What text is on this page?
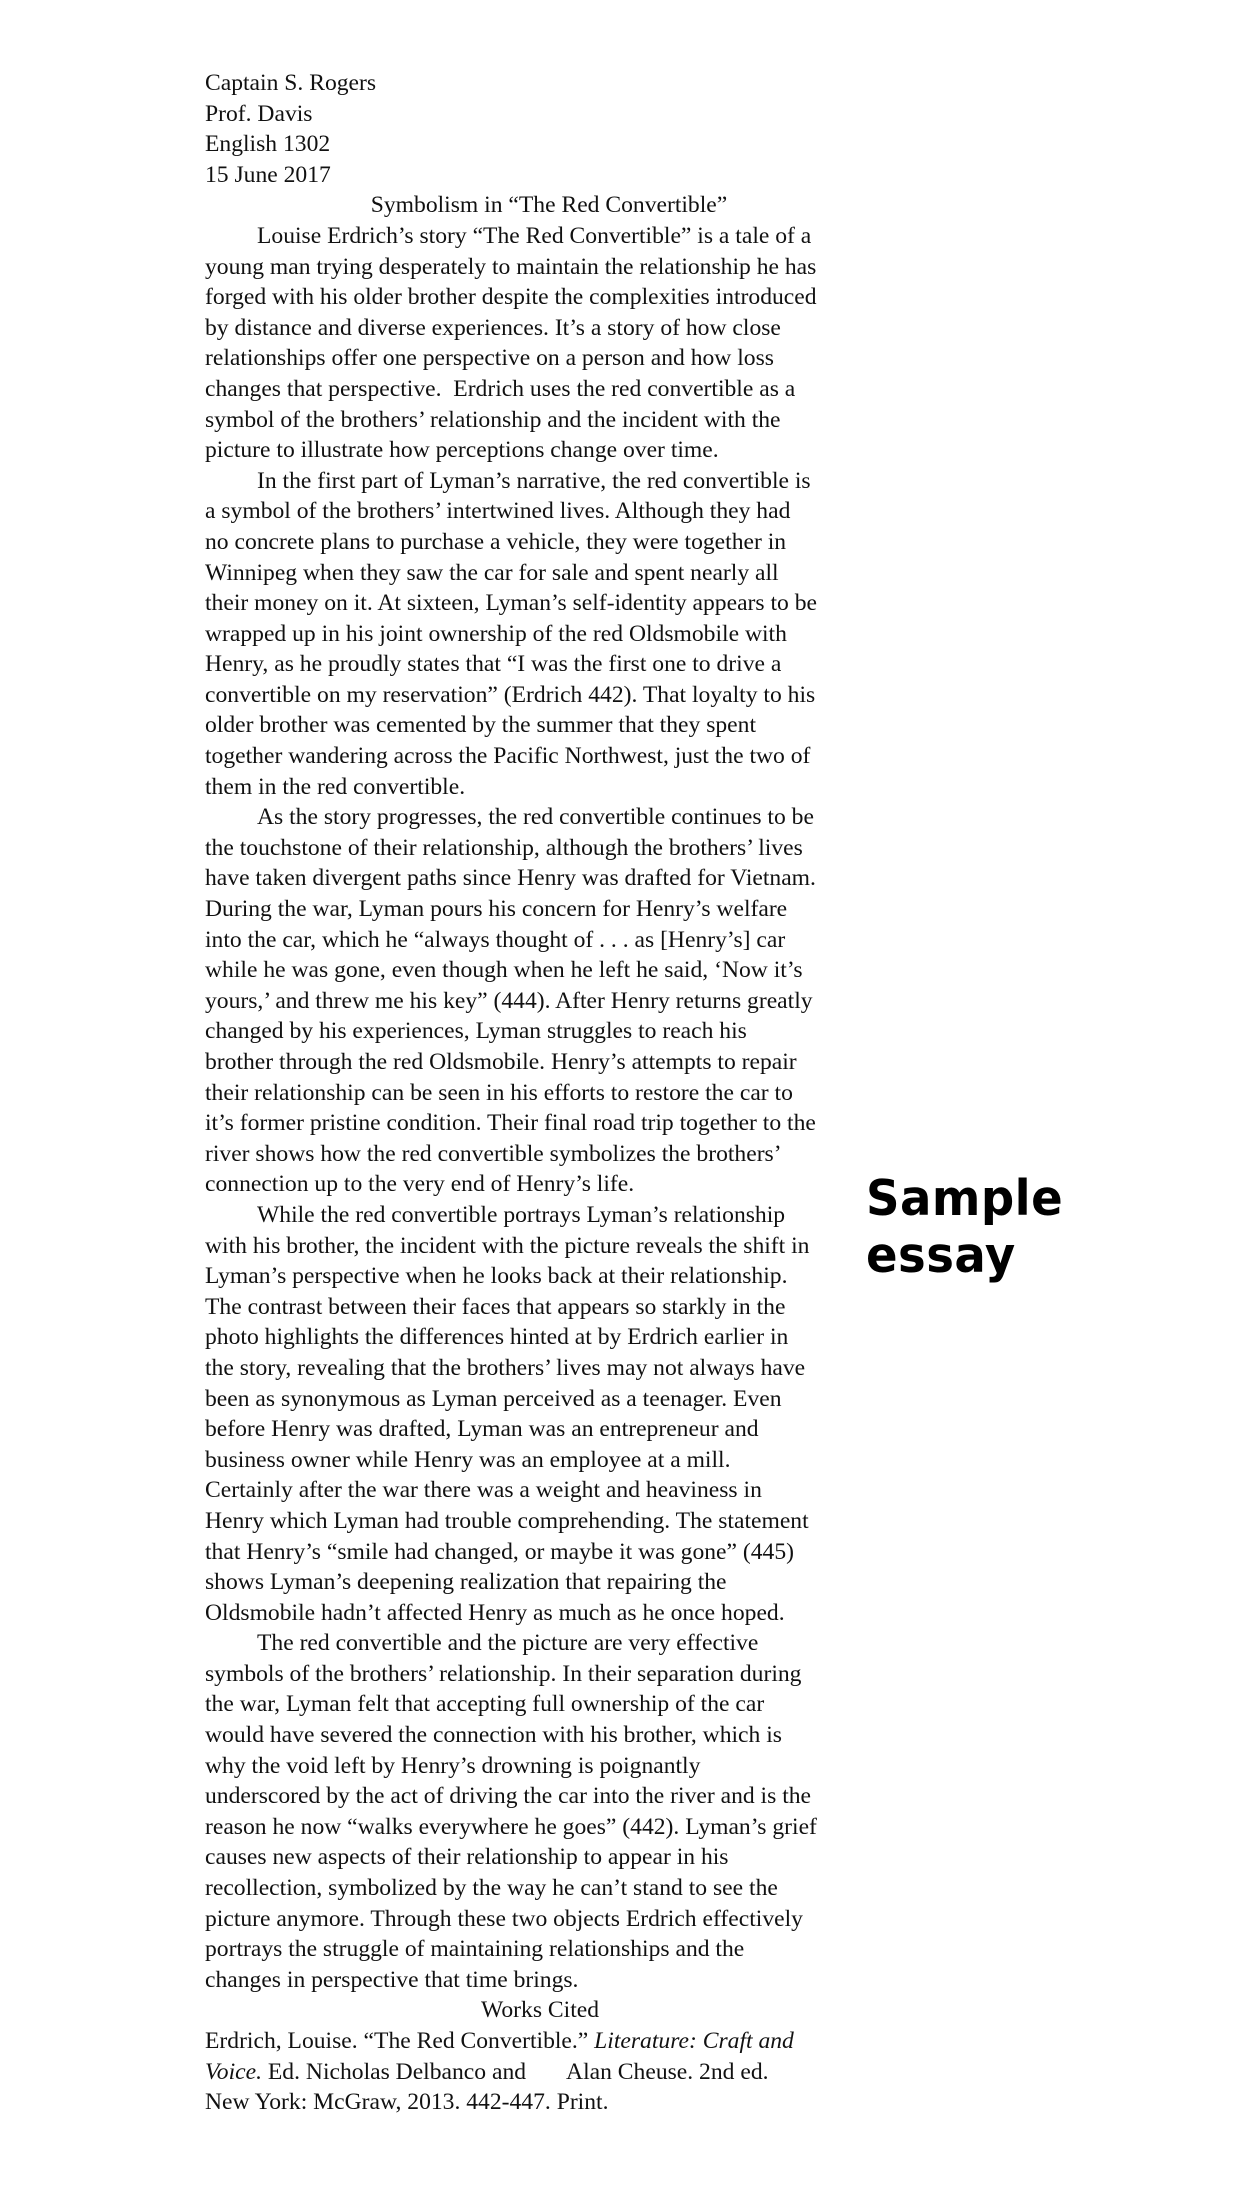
Captain S. Rogers
Prof. Davis
English 1302
15 June 2017
Symbolism in “The Red Convertible”
Louise Erdrich’s story “The Red Convertible” is a tale of a
young man trying desperately to maintain the relationship he has
forged with his older brother despite the complexities introduced
by distance and diverse experiences. It’s a story of how close
relationships offer one perspective on a person and how loss
changes that perspective.  Erdrich uses the red convertible as a
symbol of the brothers’ relationship and the incident with the
picture to illustrate how perceptions change over time.
In the first part of Lyman’s narrative, the red convertible is
a symbol of the brothers’ intertwined lives. Although they had
no concrete plans to purchase a vehicle, they were together in
Winnipeg when they saw the car for sale and spent nearly all
their money on it. At sixteen, Lyman’s self-identity appears to be
wrapped up in his joint ownership of the red Oldsmobile with
Henry, as he proudly states that “I was the first one to drive a
convertible on my reservation” (Erdrich 442). That loyalty to his
older brother was cemented by the summer that they spent
together wandering across the Pacific Northwest, just the two of
them in the red convertible.
As the story progresses, the red convertible continues to be
the touchstone of their relationship, although the brothers’ lives
have taken divergent paths since Henry was drafted for Vietnam.
During the war, Lyman pours his concern for Henry’s welfare
into the car, which he “always thought of . . . as [Henry’s] car
while he was gone, even though when he left he said, ‘Now it’s
yours,’ and threw me his key” (444). After Henry returns greatly
changed by his experiences, Lyman struggles to reach his
brother through the red Oldsmobile. Henry’s attempts to repair
their relationship can be seen in his efforts to restore the car to
it’s former pristine condition. Their final road trip together to the
river shows how the red convertible symbolizes the brothers’
connection up to the very end of Henry’s life.
While the red convertible portrays Lyman’s relationship
with his brother, the incident with the picture reveals the shift in
Lyman’s perspective when he looks back at their relationship.
The contrast between their faces that appears so starkly in the
photo highlights the differences hinted at by Erdrich earlier in
the story, revealing that the brothers’ lives may not always have
been as synonymous as Lyman perceived as a teenager. Even
before Henry was drafted, Lyman was an entrepreneur and
business owner while Henry was an employee at a mill.
Certainly after the war there was a weight and heaviness in
Henry which Lyman had trouble comprehending. The statement
that Henry’s “smile had changed, or maybe it was gone” (445)
shows Lyman’s deepening realization that repairing the
Oldsmobile hadn’t affected Henry as much as he once hoped.
The red convertible and the picture are very effective
symbols of the brothers’ relationship. In their separation during
the war, Lyman felt that accepting full ownership of the car
would have severed the connection with his brother, which is
why the void left by Henry’s drowning is poignantly
underscored by the act of driving the car into the river and is the
reason he now “walks everywhere he goes” (442). Lyman’s grief
causes new aspects of their relationship to appear in his
recollection, symbolized by the way he can’t stand to see the
picture anymore. Through these two objects Erdrich effectively
portrays the struggle of maintaining relationships and the
changes in perspective that time brings.
Works Cited
Erdrich, Louise. “The Red Convertible.” Literature: Craft and
Voice. Ed. Nicholas Delbanco and Alan Cheuse. 2nd ed.
New York: McGraw, 2013. 442-447. Print.
Sample essay
